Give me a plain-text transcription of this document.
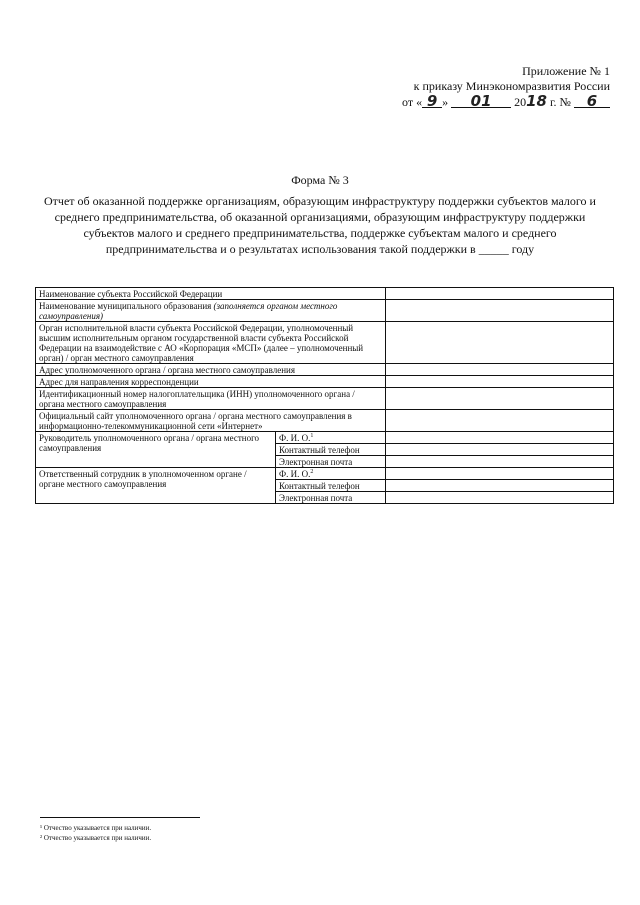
Приложение № 1
к приказу Минэкономразвития России
от « 9 » 01 2018 г. № 6
Форма № 3
Отчет об оказанной поддержке организациям, образующим инфраструктуру поддержки субъектов малого и среднего предпринимательства, об оказанной организациями, образующим инфраструктуру поддержки субъектов малого и среднего предпринимательства, поддержке субъектам малого и среднего предпринимательства и о результатах использования такой поддержки в _____ году
Наименование субъекта Российской Федерации		
Наименование муниципального образования (заполняется органом местного самоуправления)		
Орган исполнительной власти субъекта Российской Федерации, уполномоченный высшим исполнительным органом государственной власти субъекта Российской Федерации на взаимодействие с АО «Корпорация «МСП» (далее – уполномоченный орган) / орган местного самоуправления		
Адрес уполномоченного органа / органа местного самоуправления		
Адрес для направления корреспонденции		
Идентификационный номер налогоплательщика (ИНН) уполномоченного органа / органа местного самоуправления		
Официальный сайт уполномоченного органа / органа местного самоуправления в информационно-телекоммуникационной сети «Интернет»		
Руководитель уполномоченного органа / органа местного самоуправления	Ф. И. О.$^1$	
	Контактный телефон	
	Электронная почта	
Ответственный сотрудник в уполномоченном органе / органе местного самоуправления	Ф. И. О.$^2$	
	Контактный телефон	
	Электронная почта	
¹ Отчество указывается при наличии.
² Отчество указывается при наличии.
